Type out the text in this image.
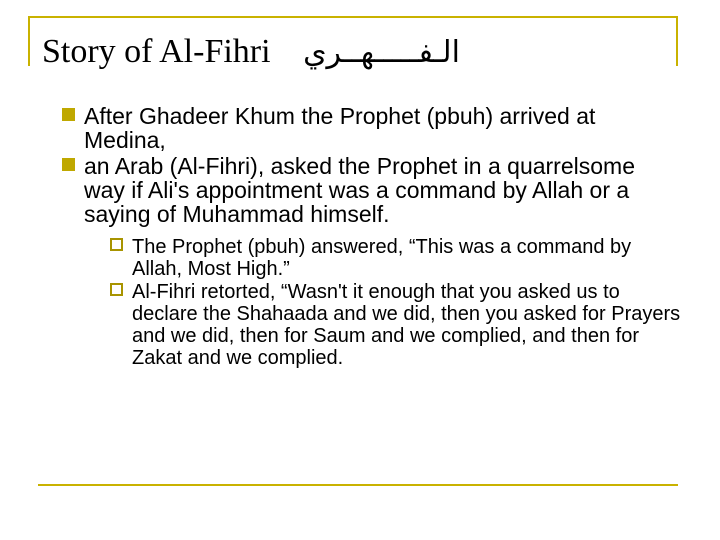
Story of Al-Fihri الـفـــــهــري
After Ghadeer Khum the Prophet (pbuh) arrived at Medina,
an Arab (Al-Fihri), asked the Prophet in a quarrelsome way if Ali's appointment was a command by Allah or a saying of Muhammad himself.
The Prophet (pbuh) answered, “This was a command by Allah, Most High.”
Al-Fihri retorted, “Wasn't it enough that you asked us to declare the Shahaada and we did, then you asked for Prayers and we did, then for Saum and we complied, and then for Zakat and we complied.
